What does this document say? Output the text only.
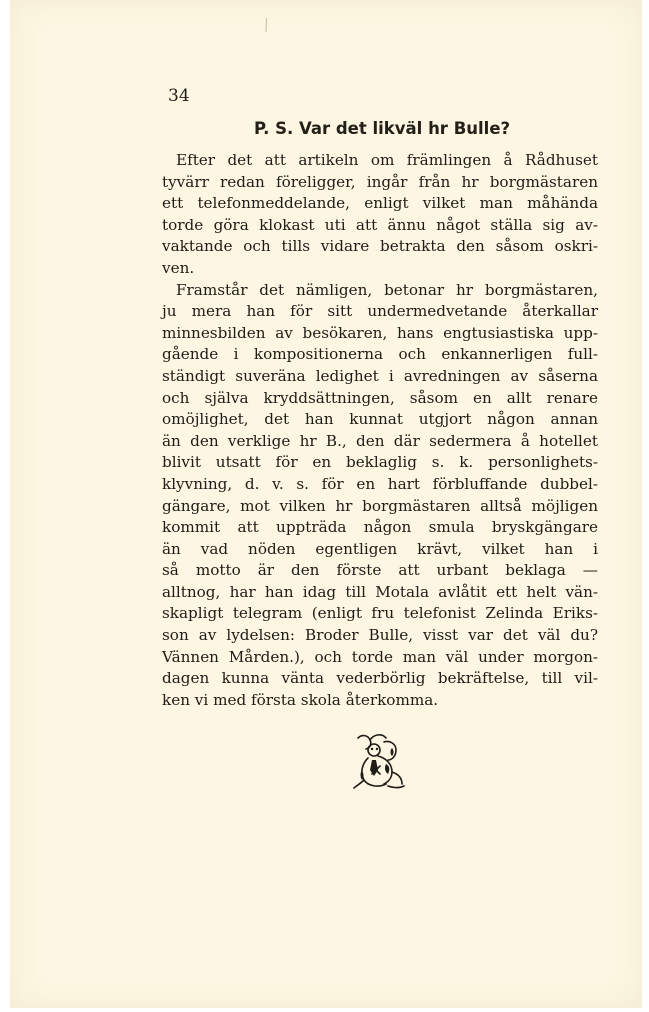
34

P. S. Var det likväl hr Bulle?
Efter det att artikeln om främlingen å Rådhuset
tyvärr redan föreligger, ingår från hr borgmästaren
ett telefonmeddelande, enligt vilket man måhända
torde göra klokast uti att ännu något ställa sig av-
vaktande och tills vidare betrakta den såsom oskri-
ven.
Framstår det nämligen, betonar hr borgmästaren,
ju mera han för sitt undermedvetande återkallar
minnesbilden av besökaren, hans engtusiastiska upp-
gående i kompositionerna och enkannerligen full-
ständigt suveräna ledighet i avredningen av såserna
och själva kryddsättningen, såsom en allt renare
omöjlighet, det han kunnat utgjort någon annan
än den verklige hr B., den där sedermera å hotellet
blivit utsatt för en beklaglig s. k. personlighets-
klyvning, d. v. s. för en hart förbluffande dubbel-
gängare, mot vilken hr borgmästaren alltså möjligen
kommit att uppträda någon smula bryskgängare
än vad nöden egentligen krävt, vilket han i
så motto är den förste att urbant beklaga —
alltnog, har han idag till Motala avlåtit ett helt vän-
skapligt telegram (enligt fru telefonist Zelinda Eriks-
son av lydelsen: Broder Bulle, visst var det väl du?
Vännen Mården.), och torde man väl under morgon-
dagen kunna vänta vederbörlig bekräftelse, till vil-
ken vi med första skola återkomma.
